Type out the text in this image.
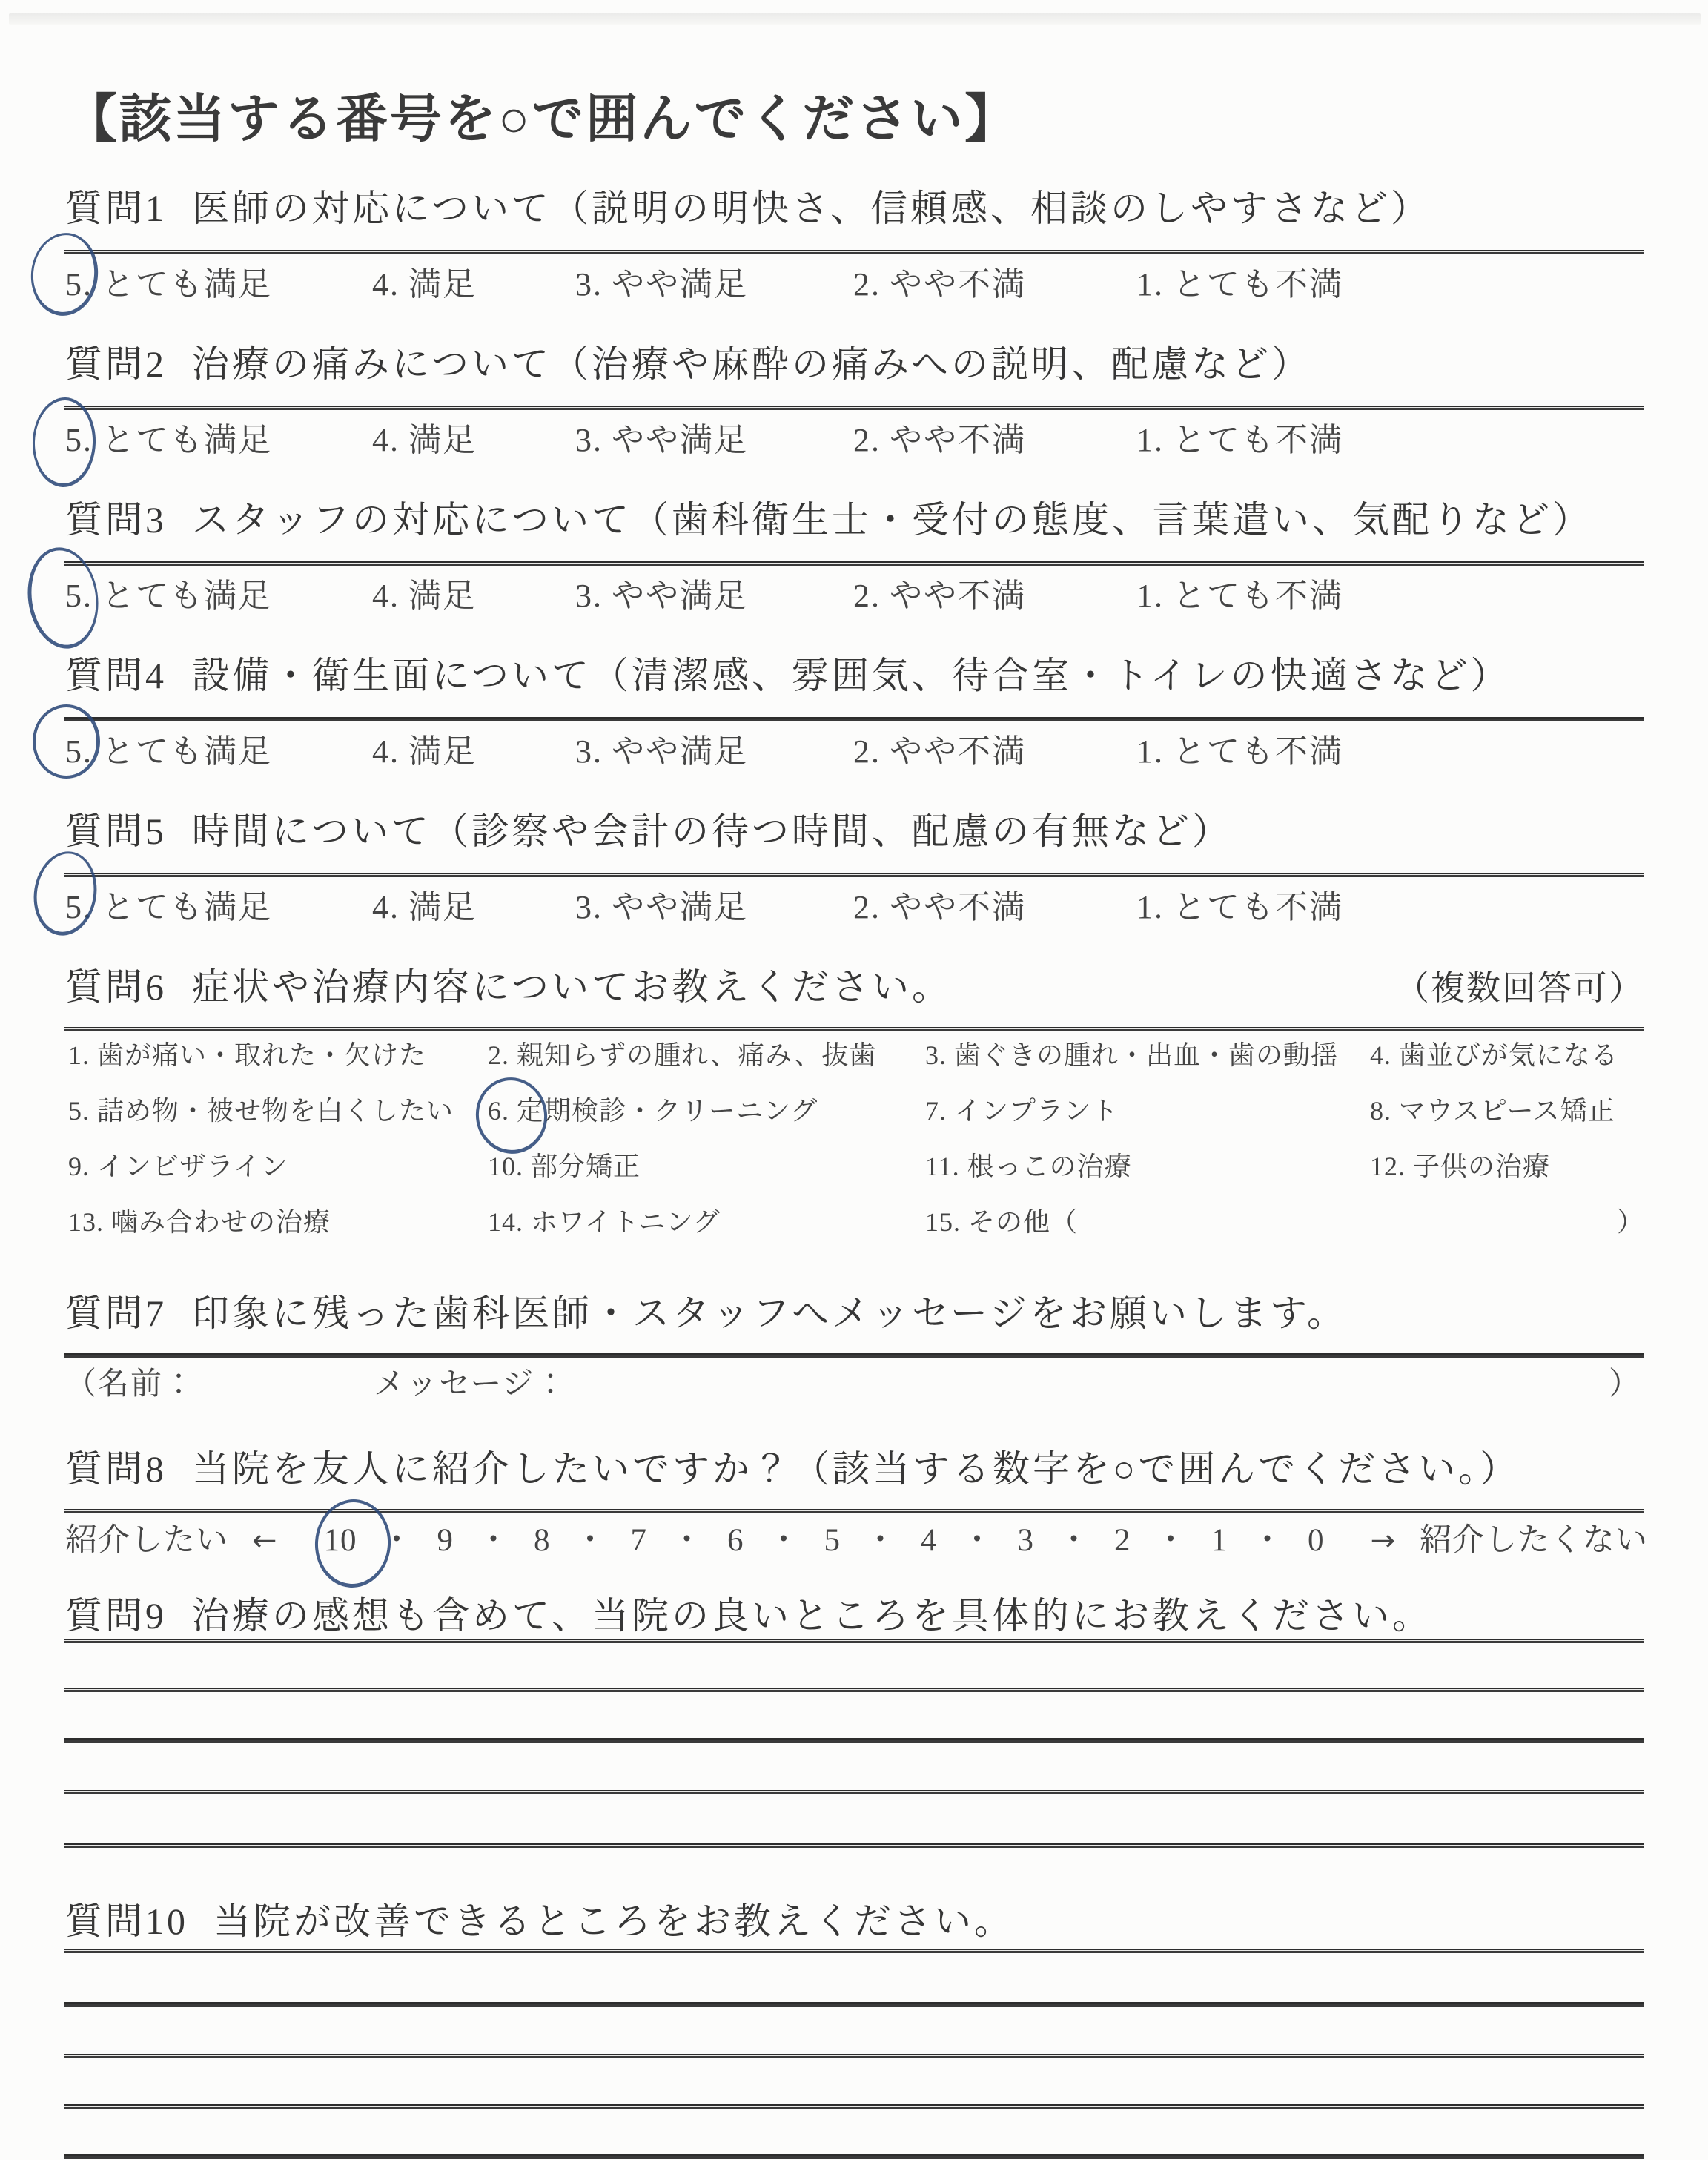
【該当する番号を○で囲んでください】
質問1 医師の対応について（説明の明快さ、信頼感、相談のしやすさなど）
5. とても満足	4. 満足	3. やや満足	2. やや不満	1. とても不満
質問2 治療の痛みについて（治療や麻酔の痛みへの説明、配慮など）
5. とても満足	4. 満足	3. やや満足	2. やや不満	1. とても不満
質問3 スタッフの対応について（歯科衛生士・受付の態度、言葉遣い、気配りなど）
5. とても満足	4. 満足	3. やや満足	2. やや不満	1. とても不満
質問4 設備・衛生面について（清潔感、雰囲気、待合室・トイレの快適さなど）
5. とても満足	4. 満足	3. やや満足	2. やや不満	1. とても不満
質問5 時間について（診察や会計の待つ時間、配慮の有無など）
5. とても満足	4. 満足	3. やや満足	2. やや不満	1. とても不満
質問6 症状や治療内容についてお教えください。	（複数回答可）
1. 歯が痛い・取れた・欠けた	2. 親知らずの腫れ、痛み、抜歯	3. 歯ぐきの腫れ・出血・歯の動揺	4. 歯並びが気になる
5. 詰め物・被せ物を白くしたい	6. 定期検診・クリーニング	7. インプラント	8. マウスピース矯正
9. インビザライン	10. 部分矯正	11. 根っこの治療	12. 子供の治療
13. 噛み合わせの治療	14. ホワイトニング	15. その他（	）
質問7 印象に残った歯科医師・スタッフへメッセージをお願いします。
（名前：	メッセージ：	）
質問8 当院を友人に紹介したいですか？（該当する数字を○で囲んでください。）
紹介したい ← 10 ・ 9 ・ 8 ・ 7 ・ 6 ・ 5 ・ 4 ・ 3 ・ 2 ・ 1 ・ 0 → 紹介したくない
質問9 治療の感想も含めて、当院の良いところを具体的にお教えください。
質問10 当院が改善できるところをお教えください。
